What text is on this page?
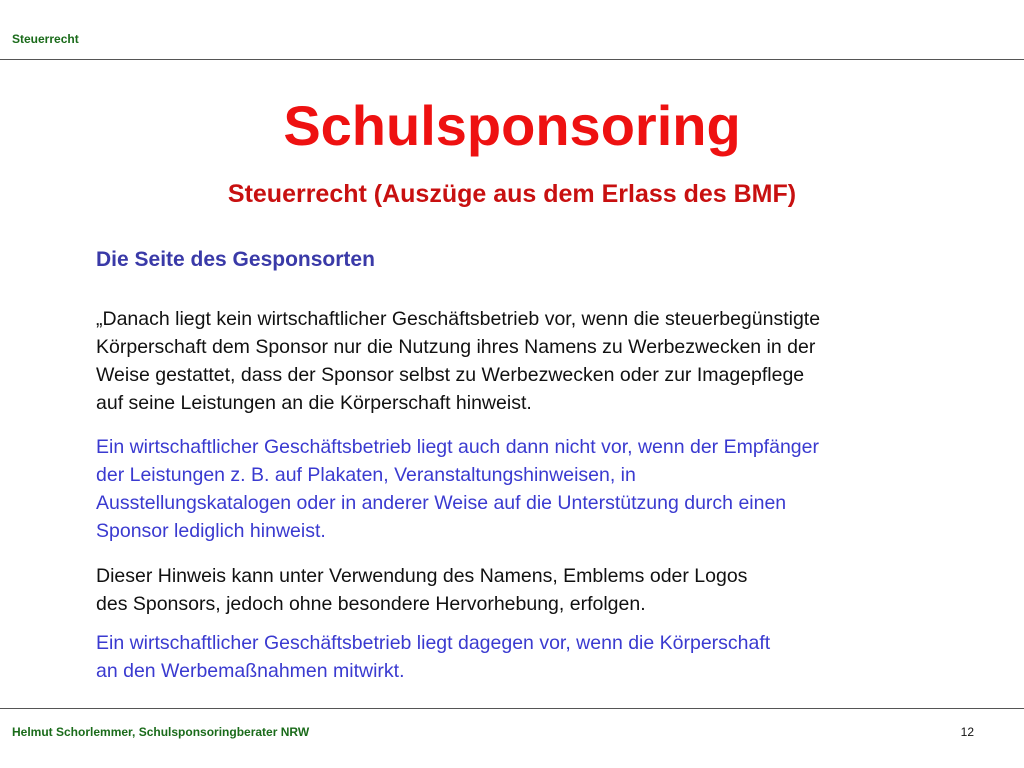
Steuerrecht
Schulsponsoring
Steuerrecht (Auszüge aus dem Erlass des BMF)
Die Seite des Gesponsorten
„Danach liegt kein wirtschaftlicher Geschäftsbetrieb vor, wenn die steuerbegünstigte
Körperschaft dem Sponsor nur die Nutzung ihres Namens zu Werbezwecken in der
Weise gestattet, dass der Sponsor selbst zu Werbezwecken oder zur Imagepflege
auf seine Leistungen an die Körperschaft hinweist.
Ein wirtschaftlicher Geschäftsbetrieb liegt auch dann nicht vor, wenn der Empfänger
der Leistungen z. B. auf Plakaten, Veranstaltungshinweisen, in
Ausstellungskatalogen oder in anderer Weise auf die Unterstützung durch einen
Sponsor lediglich hinweist.
Dieser Hinweis kann unter Verwendung des Namens, Emblems oder Logos
des Sponsors, jedoch ohne besondere Hervorhebung, erfolgen.
Ein wirtschaftlicher Geschäftsbetrieb liegt dagegen vor, wenn die Körperschaft
an den Werbemaßnahmen mitwirkt.
Helmut Schorlemmer, Schulsponsoringberater NRW	12
